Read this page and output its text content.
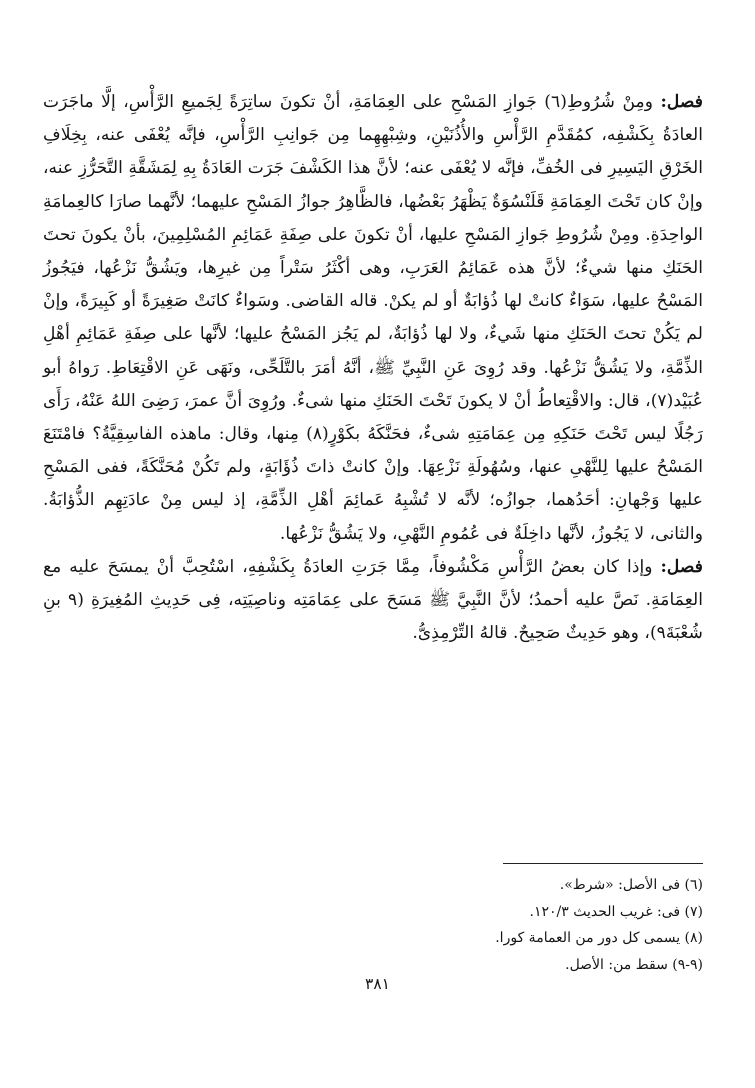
فصل: ومِنْ شُرُوطِ(٦) جَوازِ المَسْحِ على العِمَامَةِ، أنْ تكونَ ساتِرَةً لِجَميعِ الرَّأْسِ، إلَّا ماجَرَت العادَةُ بِكَشْفِه، كمُقَدَّمِ الرَّأْسِ والأُذُنَيْنِ، وشِبْهِهِما مِن جَوانِبِ الرَّأْسِ، فإنَّه يُعْفَى عنه، بِخِلَافِ الخَرْقِ اليَسِيرِ فى الخُفِّ، فإنَّه لا يُعْفَى عنه؛ لأنَّ هذا الكَشْفَ جَرَت العَادَةُ بِهِ لِمَشَقَّةِ التَّحَرُّزِ عنه، وإنْ كان تَحْتَ العِمَامَةِ قَلَنْسُوَةٌ يَظْهَرُ بَعْضُها، فالظَّاهِرُ جوازُ المَسْحِ عليهما؛ لأنَّهما صارَا كالعِمامَةِ الواحِدَةِ. ومِنْ شُرُوطِ جَوازِ المَسْحِ عليها، أنْ تكونَ على صِفَةِ عَمَائِمِ المُسْلِمِينَ، بأنْ يكونَ تحتَ الحَنَكِ منها شيءٌ؛ لأنَّ هذه عَمَائِمُ العَرَبِ، وهى أكْثَرُ سَتْراً مِن غيرِها، ويَشُقُّ نَزْعُها، فيَجُوزُ المَسْحُ عليها، سَوَاءٌ كانتْ لها ذُؤابَةٌ أو لم يكنْ. قاله القاضى. وسَواءٌ كانَتْ صَغِيرَةً أو كَبِيرَةً، وإنْ لم يَكُنْ تحتَ الحَنَكِ منها شَيءٌ، ولا لها ذُؤابَةٌ، لم يَجُز المَسْحُ عليها؛ لأنَّها على صِفَةِ عَمَائِمِ أهْلِ الذِّمَّةِ، ولا يَشُقُّ نَزْعُها. وقد رُوِىَ عَنِ النَّبِيِّ ﷺ، أنَّهُ أمَرَ بالتَّلَحِّى، ونَهَى عَنِ الاقْتِعَاطِ. رَواهُ أبو عُبَيْد(٧)، قال: والاقْتِعاطُ أنْ لا يكونَ تَحْتَ الحَنَكِ منها شىءٌ. ورُوِىَ أنَّ عمرَ، رَضِىَ اللهُ عَنْهُ، رَأَى رَجُلًا ليس تَحْتَ حَنَكِهِ مِن عِمَامَتِهِ شىءٌ، فحَنَّكَهُ بكَوْرٍ(٨) مِنها، وقال: ماهذه الفاسِقِيَّةُ؟ فامْتَنَعَ المَسْحُ عليها لِلنَّهْىِ عنها، وسُهُولَةِ نَزْعِهَا. وإنْ كانتْ ذاتَ ذُؤَابَةٍ، ولم تَكُنْ مُحَنَّكَةً، ففى المَسْحِ عليها وَجْهانِ: أحَدُهما، جوازُه؛ لأنَّه لا تُشْبِهُ عَمائِمَ أهْلِ الذِّمَّةِ، إذ ليس مِنْ عادَتِهِم الذُّؤابَةُ. والثانى، لا يَجُوزُ، لأنَّها داخِلَةٌ فى عُمُومِ النَّهْىِ، ولا يَشُقُّ نَزْعُها.

فصل: وإذا كان بعضُ الرَّأْسِ مَكْشُوفاً، مِمَّا جَرَتِ العادَةُ بِكَشْفِهِ، اسْتُحِبَّ أنْ يمسَحَ عليه مع العِمَامَةِ. نَصَّ عليه أحمدُ؛ لأنَّ النَّبِيَّ ﷺ مَسَحَ على عِمَامَتِه وناصِيَتِه، فِى حَدِيثِ المُغِيرَةِ (٩ بنِ شُعْبَةَ٩)، وهو حَدِيثٌ صَحِيحٌ. قالهُ التِّرْمِذِىُّ.

(٦) فى الأصل: «شرط».

(٧) فى: غريب الحديث ١٢٠/٣.

(٨) يسمى كل دور من العمامة كورا.

(٩-٩) سقط من: الأصل.

٣٨١
